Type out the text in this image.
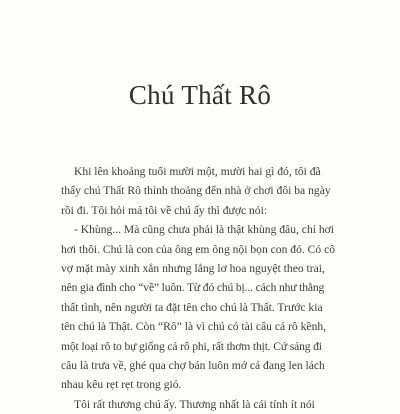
Chú Thất Rô
Khi lên khoảng tuổi mười một, mười hai gì đó, tôi đã
thấy chú Thất Rô thỉnh thoảng đến nhà ở chơi đôi ba ngày
rồi đi. Tôi hỏi má tôi về chú ấy thì được nói:
- Khùng... Mà cũng chưa phải là thật khùng đâu, chỉ hơi
hơi thôi. Chú là con của ông em ông nội bọn con đó. Có cô
vợ mặt mày xinh xắn nhưng lẳng lơ hoa nguyệt theo trai,
nên gia đình cho “về” luôn. Từ đó chú bị... cách như thằng
thất tình, nên người ta đặt tên cho chú là Thất. Trước kia
tên chú là Thật. Còn “Rô” là vì chú có tài câu cá rô kềnh,
một loại rô to bự giống cá rô phi, rất thơm thịt. Cứ sáng đi
câu là trưa về, ghé qua chợ bán luôn mớ cá đang len lách
nhau kêu rẹt rẹt trong giỏ.
Tôi rất thương chú ấy. Thương nhất là cái tính ít nói
